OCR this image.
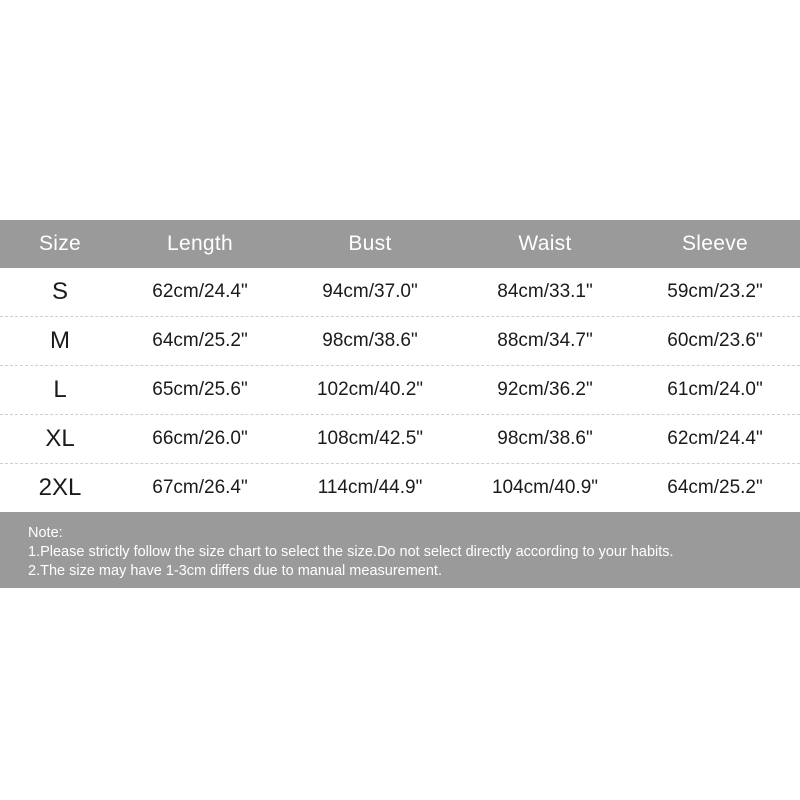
Size	Length	Bust	Waist	Sleeve
S	62cm/24.4"	94cm/37.0"	84cm/33.1"	59cm/23.2"
M	64cm/25.2"	98cm/38.6"	88cm/34.7"	60cm/23.6"
L	65cm/25.6"	102cm/40.2"	92cm/36.2"	61cm/24.0"
XL	66cm/26.0"	108cm/42.5"	98cm/38.6"	62cm/24.4"
2XL	67cm/26.4"	114cm/44.9"	104cm/40.9"	64cm/25.2"
Note:
1.Please strictly follow the size chart to select the size.Do not select directly according to your habits.
2.The size may have 1-3cm differs due to manual measurement.
